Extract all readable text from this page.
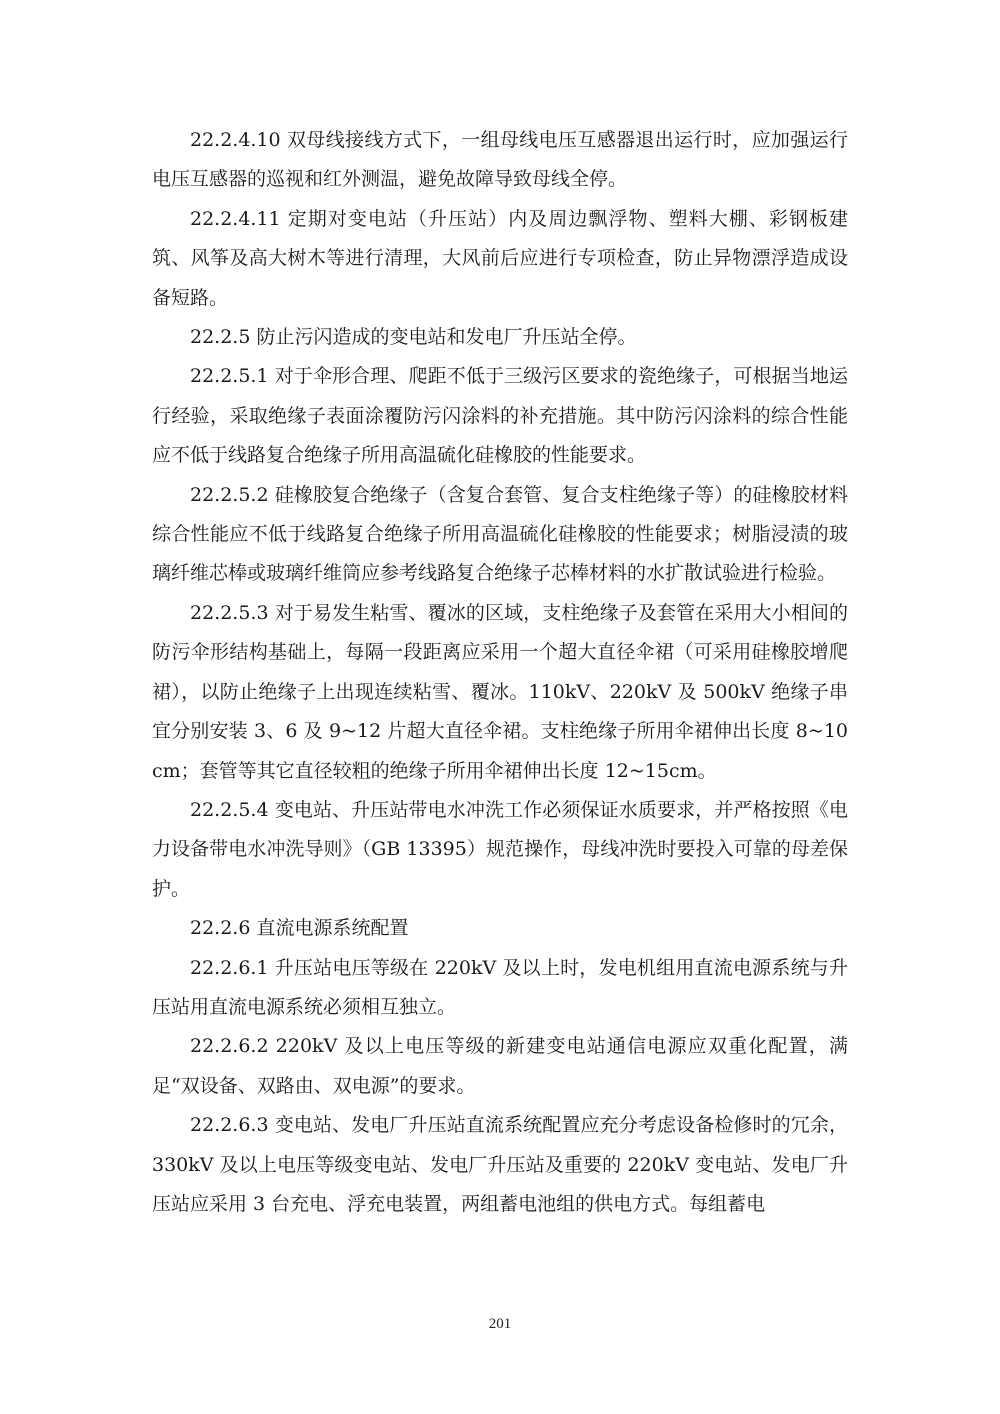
22.2.4.10 双母线接线方式下，一组母线电压互感器退出运行时，应加强运行电压互感器的巡视和红外测温，避免故障导致母线全停。

22.2.4.11 定期对变电站（升压站）内及周边飘浮物、塑料大棚、彩钢板建筑、风筝及高大树木等进行清理，大风前后应进行专项检查，防止异物漂浮造成设备短路。

22.2.5 防止污闪造成的变电站和发电厂升压站全停。

22.2.5.1 对于伞形合理、爬距不低于三级污区要求的瓷绝缘子，可根据当地运行经验，采取绝缘子表面涂覆防污闪涂料的补充措施。其中防污闪涂料的综合性能应不低于线路复合绝缘子所用高温硫化硅橡胶的性能要求。

22.2.5.2 硅橡胶复合绝缘子（含复合套管、复合支柱绝缘子等）的硅橡胶材料综合性能应不低于线路复合绝缘子所用高温硫化硅橡胶的性能要求；树脂浸渍的玻璃纤维芯棒或玻璃纤维筒应参考线路复合绝缘子芯棒材料的水扩散试验进行检验。

22.2.5.3 对于易发生粘雪、覆冰的区域，支柱绝缘子及套管在采用大小相间的防污伞形结构基础上，每隔一段距离应采用一个超大直径伞裙（可采用硅橡胶增爬裙），以防止绝缘子上出现连续粘雪、覆冰。110kV、220kV 及 500kV 绝缘子串宜分别安装 3、6 及 9~12 片超大直径伞裙。支柱绝缘子所用伞裙伸出长度 8~10cm；套管等其它直径较粗的绝缘子所用伞裙伸出长度 12~15cm。

22.2.5.4 变电站、升压站带电水冲洗工作必须保证水质要求，并严格按照《电力设备带电水冲洗导则》（GB 13395）规范操作，母线冲洗时要投入可靠的母差保护。

22.2.6 直流电源系统配置

22.2.6.1 升压站电压等级在 220kV 及以上时，发电机组用直流电源系统与升压站用直流电源系统必须相互独立。

22.2.6.2 220kV 及以上电压等级的新建变电站通信电源应双重化配置，满足“双设备、双路由、双电源”的要求。

22.2.6.3 变电站、发电厂升压站直流系统配置应充分考虑设备检修时的冗余，330kV 及以上电压等级变电站、发电厂升压站及重要的 220kV 变电站、发电厂升压站应采用 3 台充电、浮充电装置，两组蓄电池组的供电方式。每组蓄电

201
